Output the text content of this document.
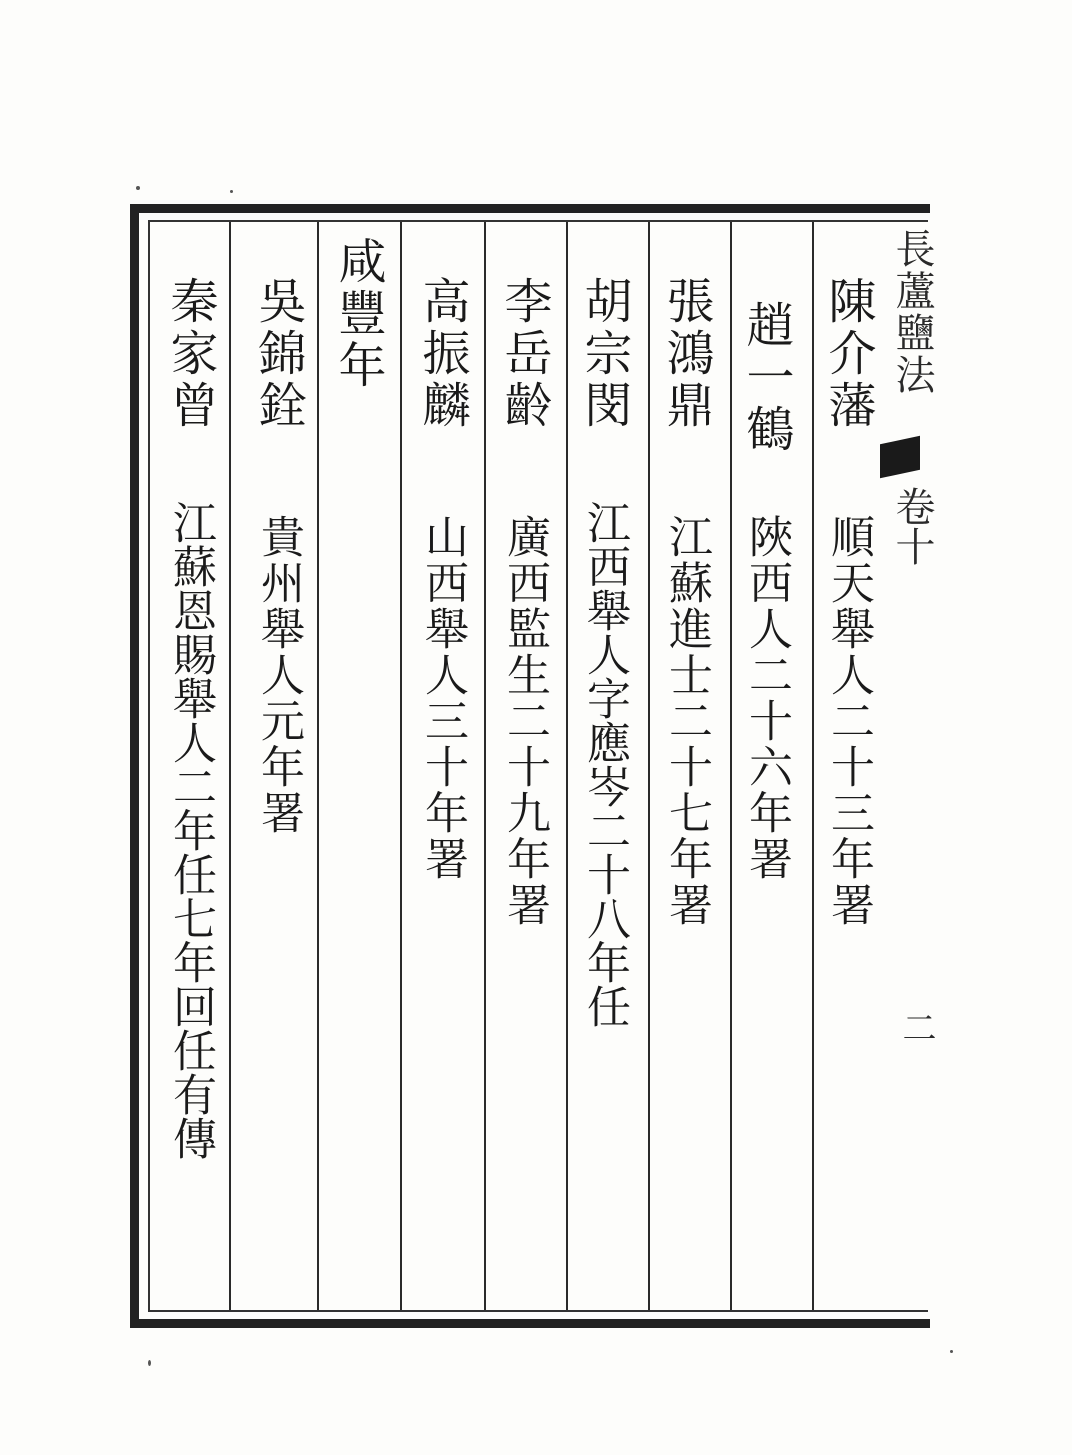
長蘆鹽法
卷十
二
陳介藩
順天舉人二十三年署
趙一鶴
陜西人二十六年署
張鴻鼎
江蘇進士二十七年署
胡宗閔
江西舉人字應岑二十八年任
李岳齡
廣西監生二十九年署
高振麟
山西舉人三十年署
咸豐年
吳錦銓
貴州舉人元年署
秦家曾
江蘇恩賜舉人二年任七年回任有傳
